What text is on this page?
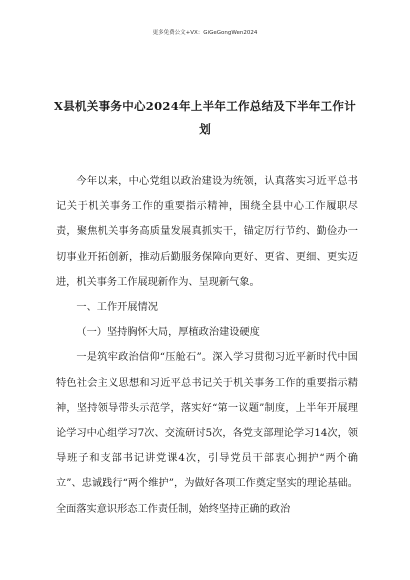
更多免费公文+VX：GiGeGongWen2024
X县机关事务中心2024年上半年工作总结及下半年工作计
划

今年以来，中心党组以政治建设为统领，认真落实习近平总书记关于机关事务工作的重要指示精神，围绕全县中心工作履职尽责，聚焦机关事务高质量发展真抓实干，锚定厉行节约、勤俭办一切事业开拓创新，推动后勤服务保障向更好、更省、更细、更实迈进，机关事务工作展现新作为、呈现新气象。

一、工作开展情况

（一）坚持胸怀大局，厚植政治建设硬度

一是筑牢政治信仰“压舱石”。深入学习贯彻习近平新时代中国特色社会主义思想和习近平总书记关于机关事务工作的重要指示精神，坚持领导带头示范学，落实好“第一议题”制度，上半年开展理论学习中心组学习7次、交流研讨5次，各党支部理论学习14次，领导班子和支部书记讲党课4次，引导党员干部衷心拥护“两个确立”、忠诚践行“两个维护”，为做好各项工作奠定坚实的理论基础。全面落实意识形态工作责任制，始终坚持正确的政治
